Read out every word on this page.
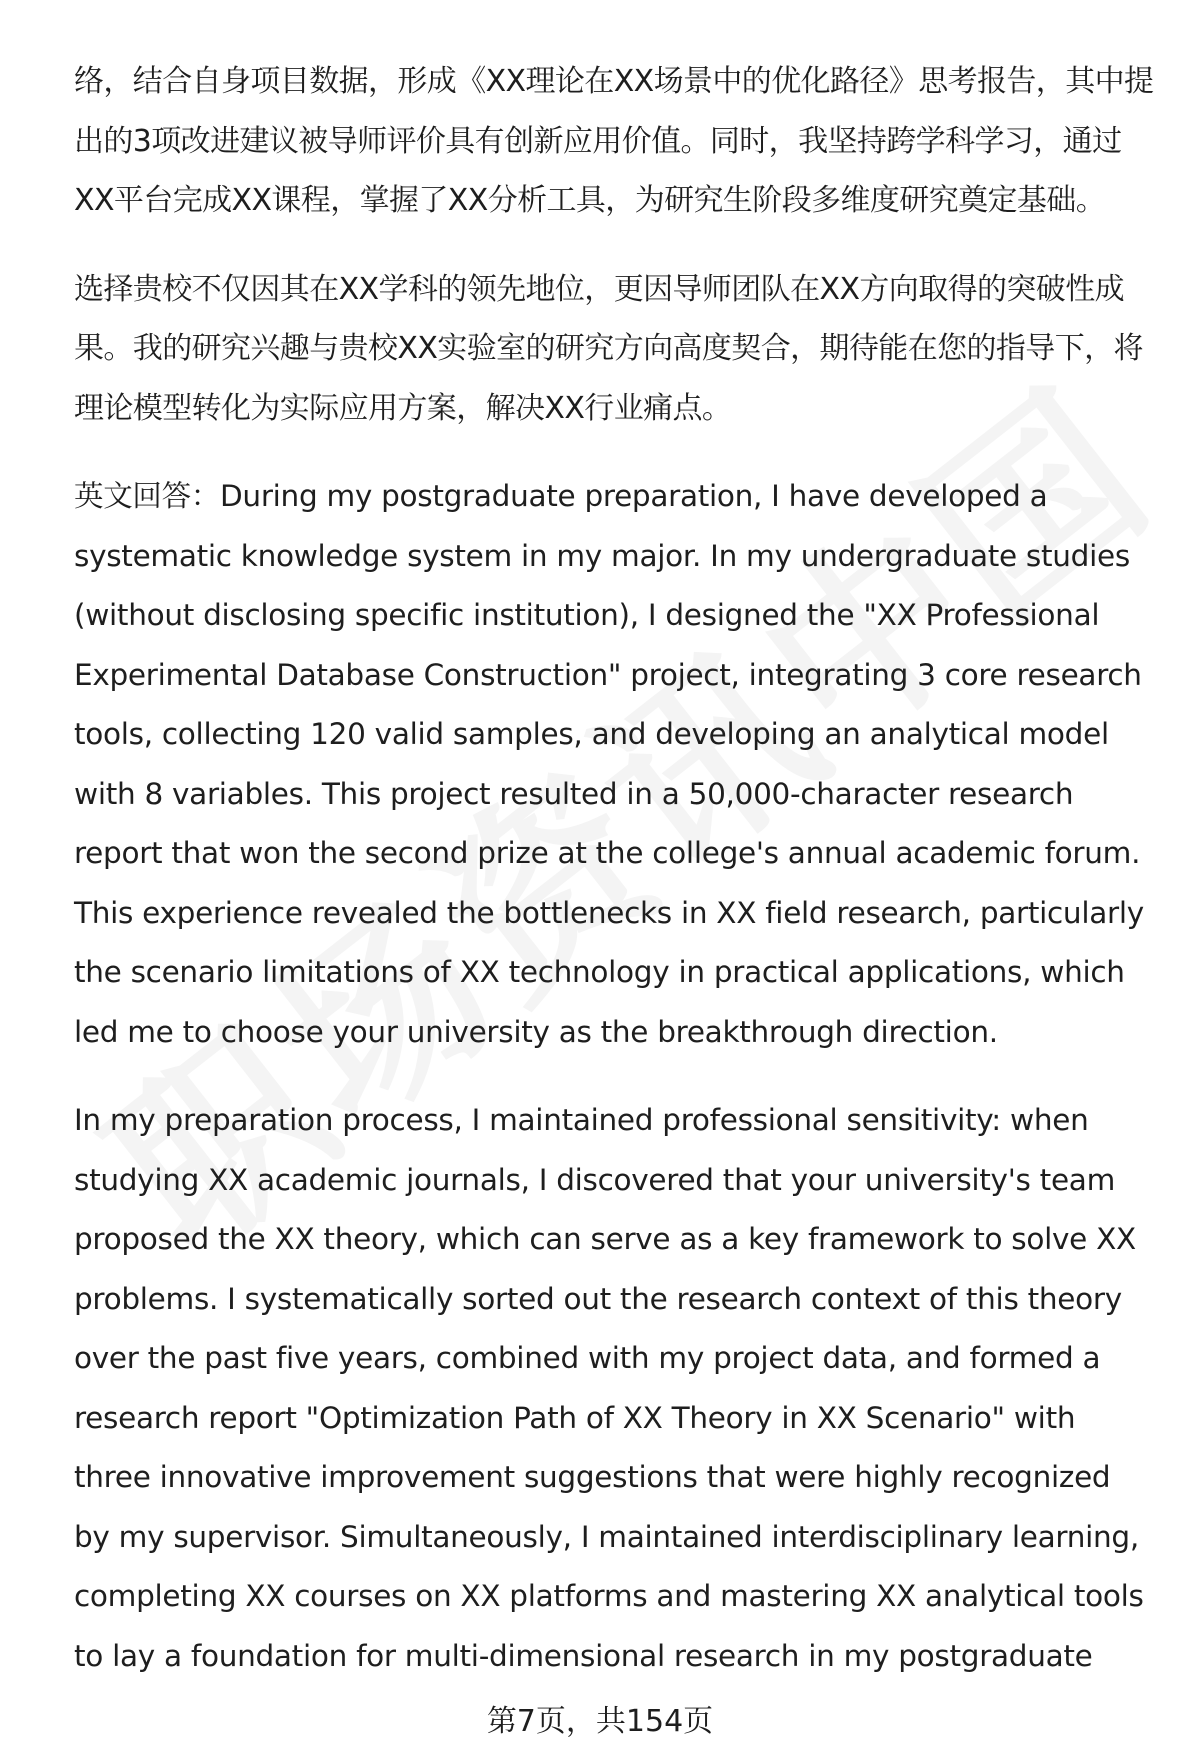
络，结合自身项目数据，形成《XX理论在XX场景中的优化路径》思考报告，其中提出的3项改进建议被导师评价具有创新应用价值。同时，我坚持跨学科学习，通过XX平台完成XX课程，掌握了XX分析工具，为研究生阶段多维度研究奠定基础。

选择贵校不仅因其在XX学科的领先地位，更因导师团队在XX方向取得的突破性成果。我的研究兴趣与贵校XX实验室的研究方向高度契合，期待能在您的指导下，将理论模型转化为实际应用方案，解决XX行业痛点。

英文回答：During my postgraduate preparation, I have developed a systematic knowledge system in my major. In my undergraduate studies (without disclosing specific institution), I designed the "XX Professional Experimental Database Construction" project, integrating 3 core research tools, collecting 120 valid samples, and developing an analytical model with 8 variables. This project resulted in a 50,000-character research report that won the second prize at the college's annual academic forum. This experience revealed the bottlenecks in XX field research, particularly the scenario limitations of XX technology in practical applications, which led me to choose your university as the breakthrough direction.

In my preparation process, I maintained professional sensitivity: when studying XX academic journals, I discovered that your university's team proposed the XX theory, which can serve as a key framework to solve XX problems. I systematically sorted out the research context of this theory over the past five years, combined with my project data, and formed a research report "Optimization Path of XX Theory in XX Scenario" with three innovative improvement suggestions that were highly recognized by my supervisor. Simultaneously, I maintained interdisciplinary learning, completing XX courses on XX platforms and mastering XX analytical tools to lay a foundation for multi-dimensional research in my postgraduate

第7页，共154页
